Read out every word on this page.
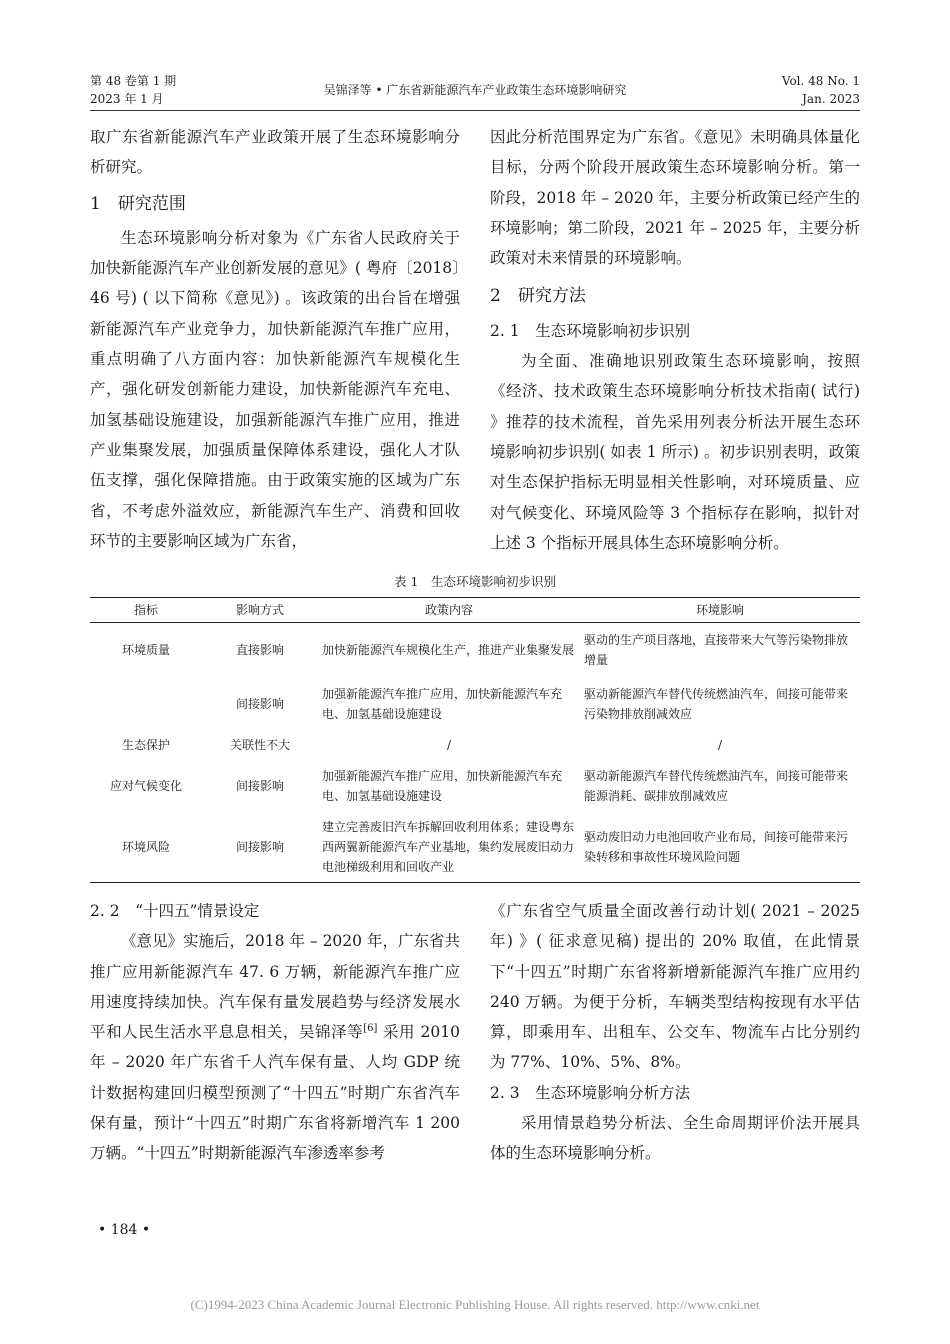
第 48 卷第 1 期
2023 年 1 月
吴锦泽等 • 广东省新能源汽车产业政策生态环境影响研究
Vol. 48 No. 1
Jan. 2023

取广东省新能源汽车产业政策开展了生态环境影响分析研究。

1　研究范围

生态环境影响分析对象为《广东省人民政府关于加快新能源汽车产业创新发展的意见》( 粤府〔2018〕46 号) ( 以下简称《意见》) 。该政策的出台旨在增强新能源汽车产业竞争力，加快新能源汽车推广应用，重点明确了八方面内容：加快新能源汽车规模化生产，强化研发创新能力建设，加快新能源汽车充电、加氢基础设施建设，加强新能源汽车推广应用，推进产业集聚发展，加强质量保障体系建设，强化人才队伍支撑，强化保障措施。由于政策实施的区域为广东省，不考虑外溢效应，新能源汽车生产、消费和回收环节的主要影响区域为广东省，

因此分析范围界定为广东省。《意见》未明确具体量化目标，分两个阶段开展政策生态环境影响分析。第一阶段，2018 年 – 2020 年，主要分析政策已经产生的环境影响；第二阶段，2021 年 – 2025 年，主要分析政策对未来情景的环境影响。

2　研究方法

2. 1　生态环境影响初步识别

为全面、准确地识别政策生态环境影响，按照《经济、技术政策生态环境影响分析技术指南( 试行) 》推荐的技术流程，首先采用列表分析法开展生态环境影响初步识别( 如表 1 所示) 。初步识别表明，政策对生态保护指标无明显相关性影响，对环境质量、应对气候变化、环境风险等 3 个指标存在影响，拟针对上述 3 个指标开展具体生态环境影响分析。

表 1　生态环境影响初步识别
指标	影响方式	政策内容	环境影响
环境质量	直接影响	加快新能源汽车规模化生产，推进产业集聚发展	驱动的生产项目落地，直接带来大气等污染物排放增量
	间接影响	加强新能源汽车推广应用，加快新能源汽车充电、加氢基础设施建设	驱动新能源汽车替代传统燃油汽车，间接可能带来污染物排放削减效应
生态保护	关联性不大	/	/
应对气候变化	间接影响	加强新能源汽车推广应用，加快新能源汽车充电、加氢基础设施建设	驱动新能源汽车替代传统燃油汽车，间接可能带来能源消耗、碳排放削减效应
环境风险	间接影响	建立完善废旧汽车拆解回收利用体系；建设粤东西两翼新能源汽车产业基地，集约发展废旧动力电池梯级利用和回收产业	驱动废旧动力电池回收产业布局，间接可能带来污染转移和事故性环境风险问题

2. 2　“十四五”情景设定

《意见》实施后，2018 年 – 2020 年，广东省共推广应用新能源汽车 47. 6 万辆，新能源汽车推广应用速度持续加快。汽车保有量发展趋势与经济发展水平和人民生活水平息息相关，吴锦泽等[6] 采用 2010 年 – 2020 年广东省千人汽车保有量、人均 GDP 统计数据构建回归模型预测了“十四五”时期广东省汽车保有量，预计“十四五”时期广东省将新增汽车 1 200 万辆。“十四五”时期新能源汽车渗透率参考

《广东省空气质量全面改善行动计划( 2021 – 2025 年) 》( 征求意见稿) 提出的 20% 取值，在此情景下“十四五”时期广东省将新增新能源汽车推广应用约 240 万辆。为便于分析，车辆类型结构按现有水平估算，即乘用车、出租车、公交车、物流车占比分别约为 77%、10%、5%、8%。

2. 3　生态环境影响分析方法

采用情景趋势分析法、全生命周期评价法开展具体的生态环境影响分析。

• 184 •
(C)1994-2023 China Academic Journal Electronic Publishing House. All rights reserved. http://www.cnki.net
